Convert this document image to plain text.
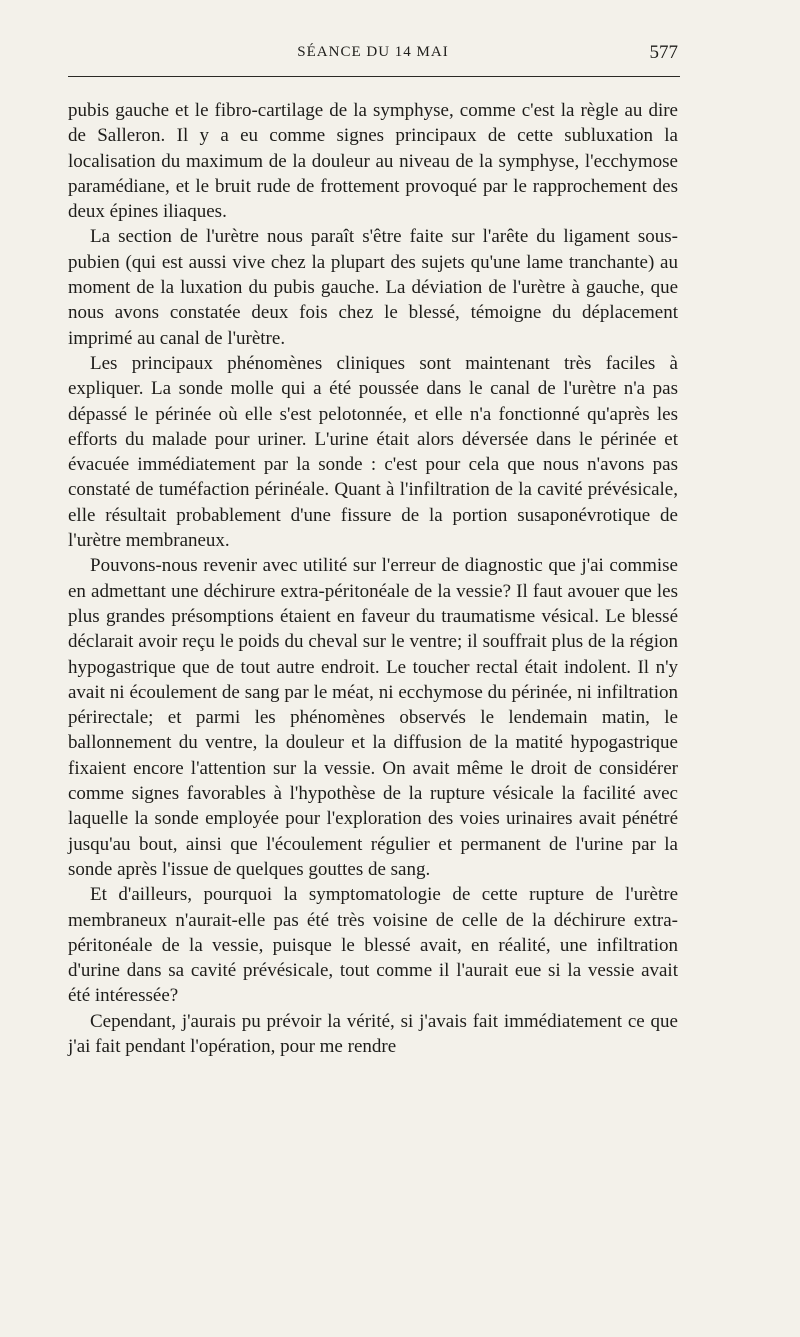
SÉANCE DU 14 MAI	577

pubis gauche et le fibro-cartilage de la symphyse, comme c'est la règle au dire de Salleron. Il y a eu comme signes principaux de cette subluxation la localisation du maximum de la douleur au niveau de la symphyse, l'ecchymose paramédiane, et le bruit rude de frottement provoqué par le rapprochement des deux épines iliaques.

La section de l'urètre nous paraît s'être faite sur l'arête du ligament sous-pubien (qui est aussi vive chez la plupart des sujets qu'une lame tranchante) au moment de la luxation du pubis gauche. La déviation de l'urètre à gauche, que nous avons constatée deux fois chez le blessé, témoigne du déplacement imprimé au canal de l'urètre.

Les principaux phénomènes cliniques sont maintenant très faciles à expliquer. La sonde molle qui a été poussée dans le canal de l'urètre n'a pas dépassé le périnée où elle s'est pelotonnée, et elle n'a fonctionné qu'après les efforts du malade pour uriner. L'urine était alors déversée dans le périnée et évacuée immédiatement par la sonde : c'est pour cela que nous n'avons pas constaté de tuméfaction périnéale. Quant à l'infiltration de la cavité prévésicale, elle résultait probablement d'une fissure de la portion susaponévrotique de l'urètre membraneux.

Pouvons-nous revenir avec utilité sur l'erreur de diagnostic que j'ai commise en admettant une déchirure extra-péritonéale de la vessie? Il faut avouer que les plus grandes présomptions étaient en faveur du traumatisme vésical. Le blessé déclarait avoir reçu le poids du cheval sur le ventre; il souffrait plus de la région hypogastrique que de tout autre endroit. Le toucher rectal était indolent. Il n'y avait ni écoulement de sang par le méat, ni ecchymose du périnée, ni infiltration périrectale; et parmi les phénomènes observés le lendemain matin, le ballonnement du ventre, la douleur et la diffusion de la matité hypogastrique fixaient encore l'attention sur la vessie. On avait même le droit de considérer comme signes favorables à l'hypothèse de la rupture vésicale la facilité avec laquelle la sonde employée pour l'exploration des voies urinaires avait pénétré jusqu'au bout, ainsi que l'écoulement régulier et permanent de l'urine par la sonde après l'issue de quelques gouttes de sang.

Et d'ailleurs, pourquoi la symptomatologie de cette rupture de l'urètre membraneux n'aurait-elle pas été très voisine de celle de la déchirure extra-péritonéale de la vessie, puisque le blessé avait, en réalité, une infiltration d'urine dans sa cavité prévésicale, tout comme il l'aurait eue si la vessie avait été intéressée?

Cependant, j'aurais pu prévoir la vérité, si j'avais fait immédiatement ce que j'ai fait pendant l'opération, pour me rendre
